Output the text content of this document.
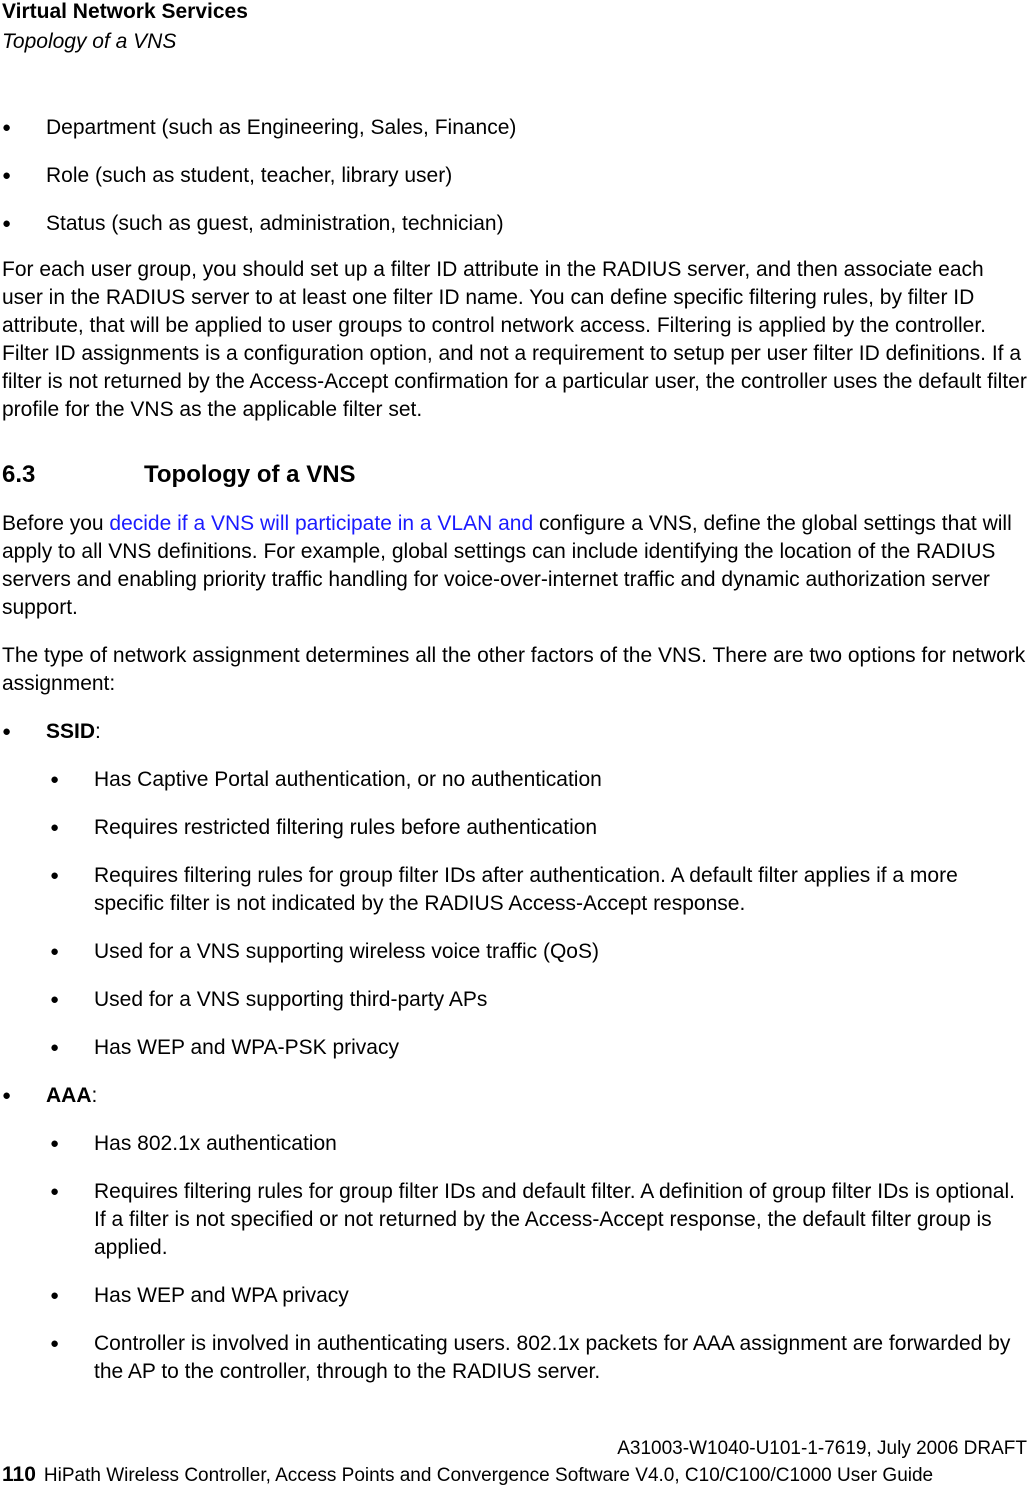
Virtual Network Services
Topology of a VNS
● Department (such as Engineering, Sales, Finance)
● Role (such as student, teacher, library user)
● Status (such as guest, administration, technician)

For each user group, you should set up a filter ID attribute in the RADIUS server, and then associate each user in the RADIUS server to at least one filter ID name. You can define specific filtering rules, by filter ID attribute, that will be applied to user groups to control network access. Filtering is applied by the controller. Filter ID assignments is a configuration option, and not a requirement to setup per user filter ID definitions. If a filter is not returned by the Access-Accept confirmation for a particular user, the controller uses the default filter profile for the VNS as the applicable filter set.

6.3	Topology of a VNS

Before you decide if a VNS will participate in a VLAN and configure a VNS, define the global settings that will apply to all VNS definitions. For example, global settings can include identifying the location of the RADIUS servers and enabling priority traffic handling for voice-over-internet traffic and dynamic authorization server support.

The type of network assignment determines all the other factors of the VNS. There are two options for network assignment:

● SSID:
● Has Captive Portal authentication, or no authentication
● Requires restricted filtering rules before authentication
● Requires filtering rules for group filter IDs after authentication. A default filter applies if a more specific filter is not indicated by the RADIUS Access-Accept response.
● Used for a VNS supporting wireless voice traffic (QoS)
● Used for a VNS supporting third-party APs
● Has WEP and WPA-PSK privacy
● AAA:
● Has 802.1x authentication
● Requires filtering rules for group filter IDs and default filter. A definition of group filter IDs is optional. If a filter is not specified or not returned by the Access-Accept response, the default filter group is applied.
● Has WEP and WPA privacy
● Controller is involved in authenticating users. 802.1x packets for AAA assignment are forwarded by the AP to the controller, through to the RADIUS server.
A31003-W1040-U101-1-7619, July 2006 DRAFT
110 HiPath Wireless Controller, Access Points and Convergence Software V4.0, C10/C100/C1000 User Guide
